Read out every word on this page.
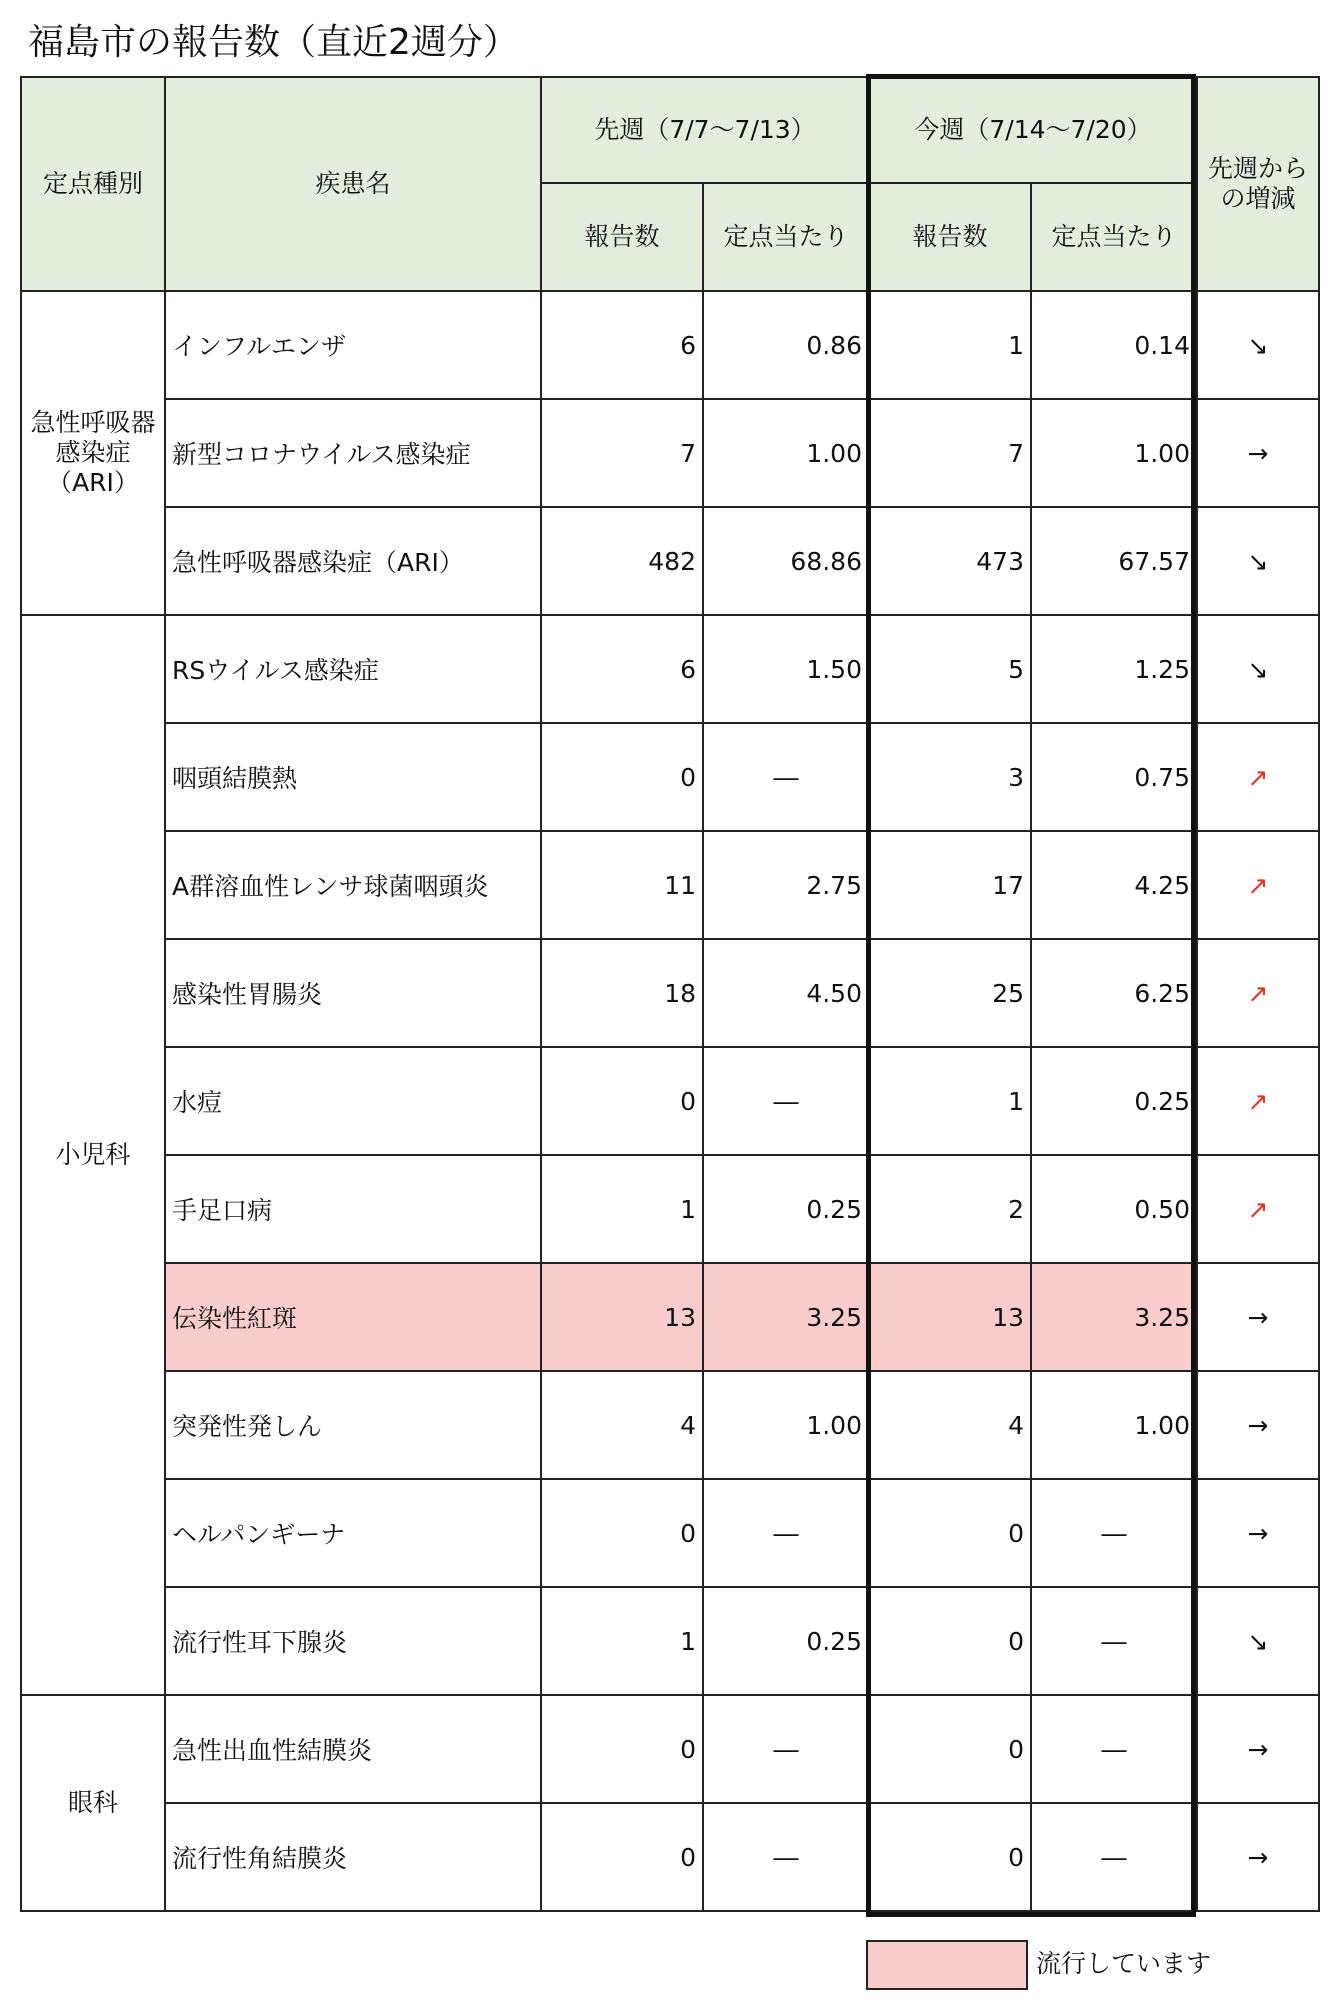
福島市の報告数（直近2週分）
定点種別	疾患名	先週（7/7～7/13）		今週（7/14～7/20）		先週からの増減
		報告数	定点当たり	報告数	定点当たり	
急性呼吸器感染症（ARI）	インフルエンザ	6	0.86	1	0.14	↘
	新型コロナウイルス感染症	7	1.00	7	1.00	→
	急性呼吸器感染症（ARI）	482	68.86	473	67.57	↘
小児科	RSウイルス感染症	6	1.50	5	1.25	↘
	咽頭結膜熱	0	―	3	0.75	↗
	A群溶血性レンサ球菌咽頭炎	11	2.75	17	4.25	↗
	感染性胃腸炎	18	4.50	25	6.25	↗
	水痘	0	―	1	0.25	↗
	手足口病	1	0.25	2	0.50	↗
	伝染性紅斑	13	3.25	13	3.25	→
	突発性発しん	4	1.00	4	1.00	→
	ヘルパンギーナ	0	―	0	―	→
	流行性耳下腺炎	1	0.25	0	―	↘
眼科	急性出血性結膜炎	0	―	0	―	→
	流行性角結膜炎	0	―	0	―	→
流行しています
